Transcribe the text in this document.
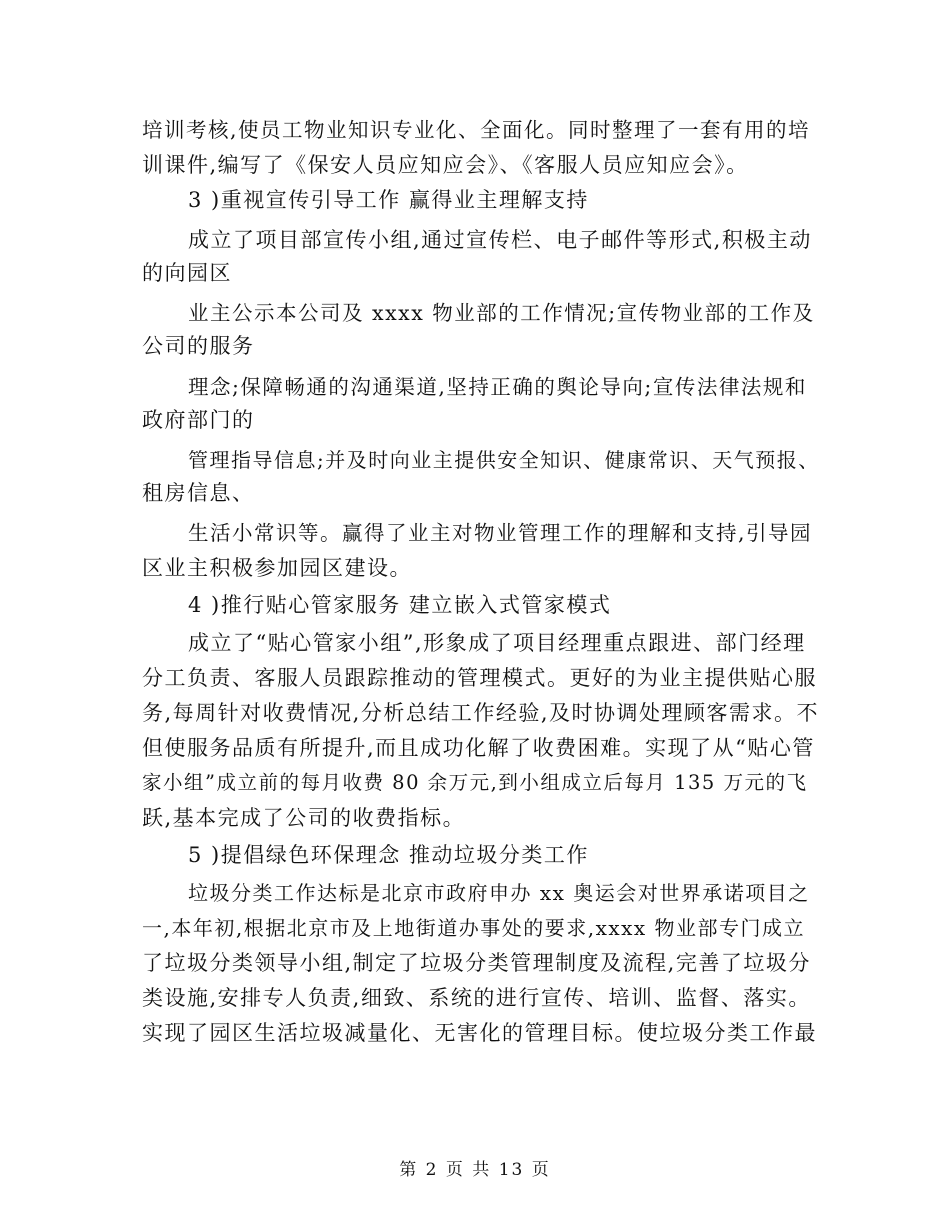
培训考核,使员工物业知识专业化、全面化。同时整理了一套有用的培
训课件,编写了《保安人员应知应会》、《客服人员应知应会》。
3 )重视宣传引导工作 赢得业主理解支持
成立了项目部宣传小组,通过宣传栏、电子邮件等形式,积极主动
的向园区
业主公示本公司及 xxxx 物业部的工作情况;宣传物业部的工作及
公司的服务
理念;保障畅通的沟通渠道,坚持正确的舆论导向;宣传法律法规和
政府部门的
管理指导信息;并及时向业主提供安全知识、健康常识、天气预报、
租房信息、
生活小常识等。赢得了业主对物业管理工作的理解和支持,引导园
区业主积极参加园区建设。
4 )推行贴心管家服务 建立嵌入式管家模式
成立了“贴心管家小组”,形象成了项目经理重点跟进、部门经理
分工负责、客服人员跟踪推动的管理模式。更好的为业主提供贴心服
务,每周针对收费情况,分析总结工作经验,及时协调处理顾客需求。不
但使服务品质有所提升,而且成功化解了收费困难。实现了从“贴心管
家小组”成立前的每月收费 80 余万元,到小组成立后每月 135 万元的飞
跃,基本完成了公司的收费指标。
5 )提倡绿色环保理念 推动垃圾分类工作
垃圾分类工作达标是北京市政府申办 xx 奥运会对世界承诺项目之
一,本年初,根据北京市及上地街道办事处的要求,xxxx 物业部专门成立
了垃圾分类领导小组,制定了垃圾分类管理制度及流程,完善了垃圾分
类设施,安排专人负责,细致、系统的进行宣传、培训、监督、落实。
实现了园区生活垃圾减量化、无害化的管理目标。使垃圾分类工作最
第 2 页 共 13 页
